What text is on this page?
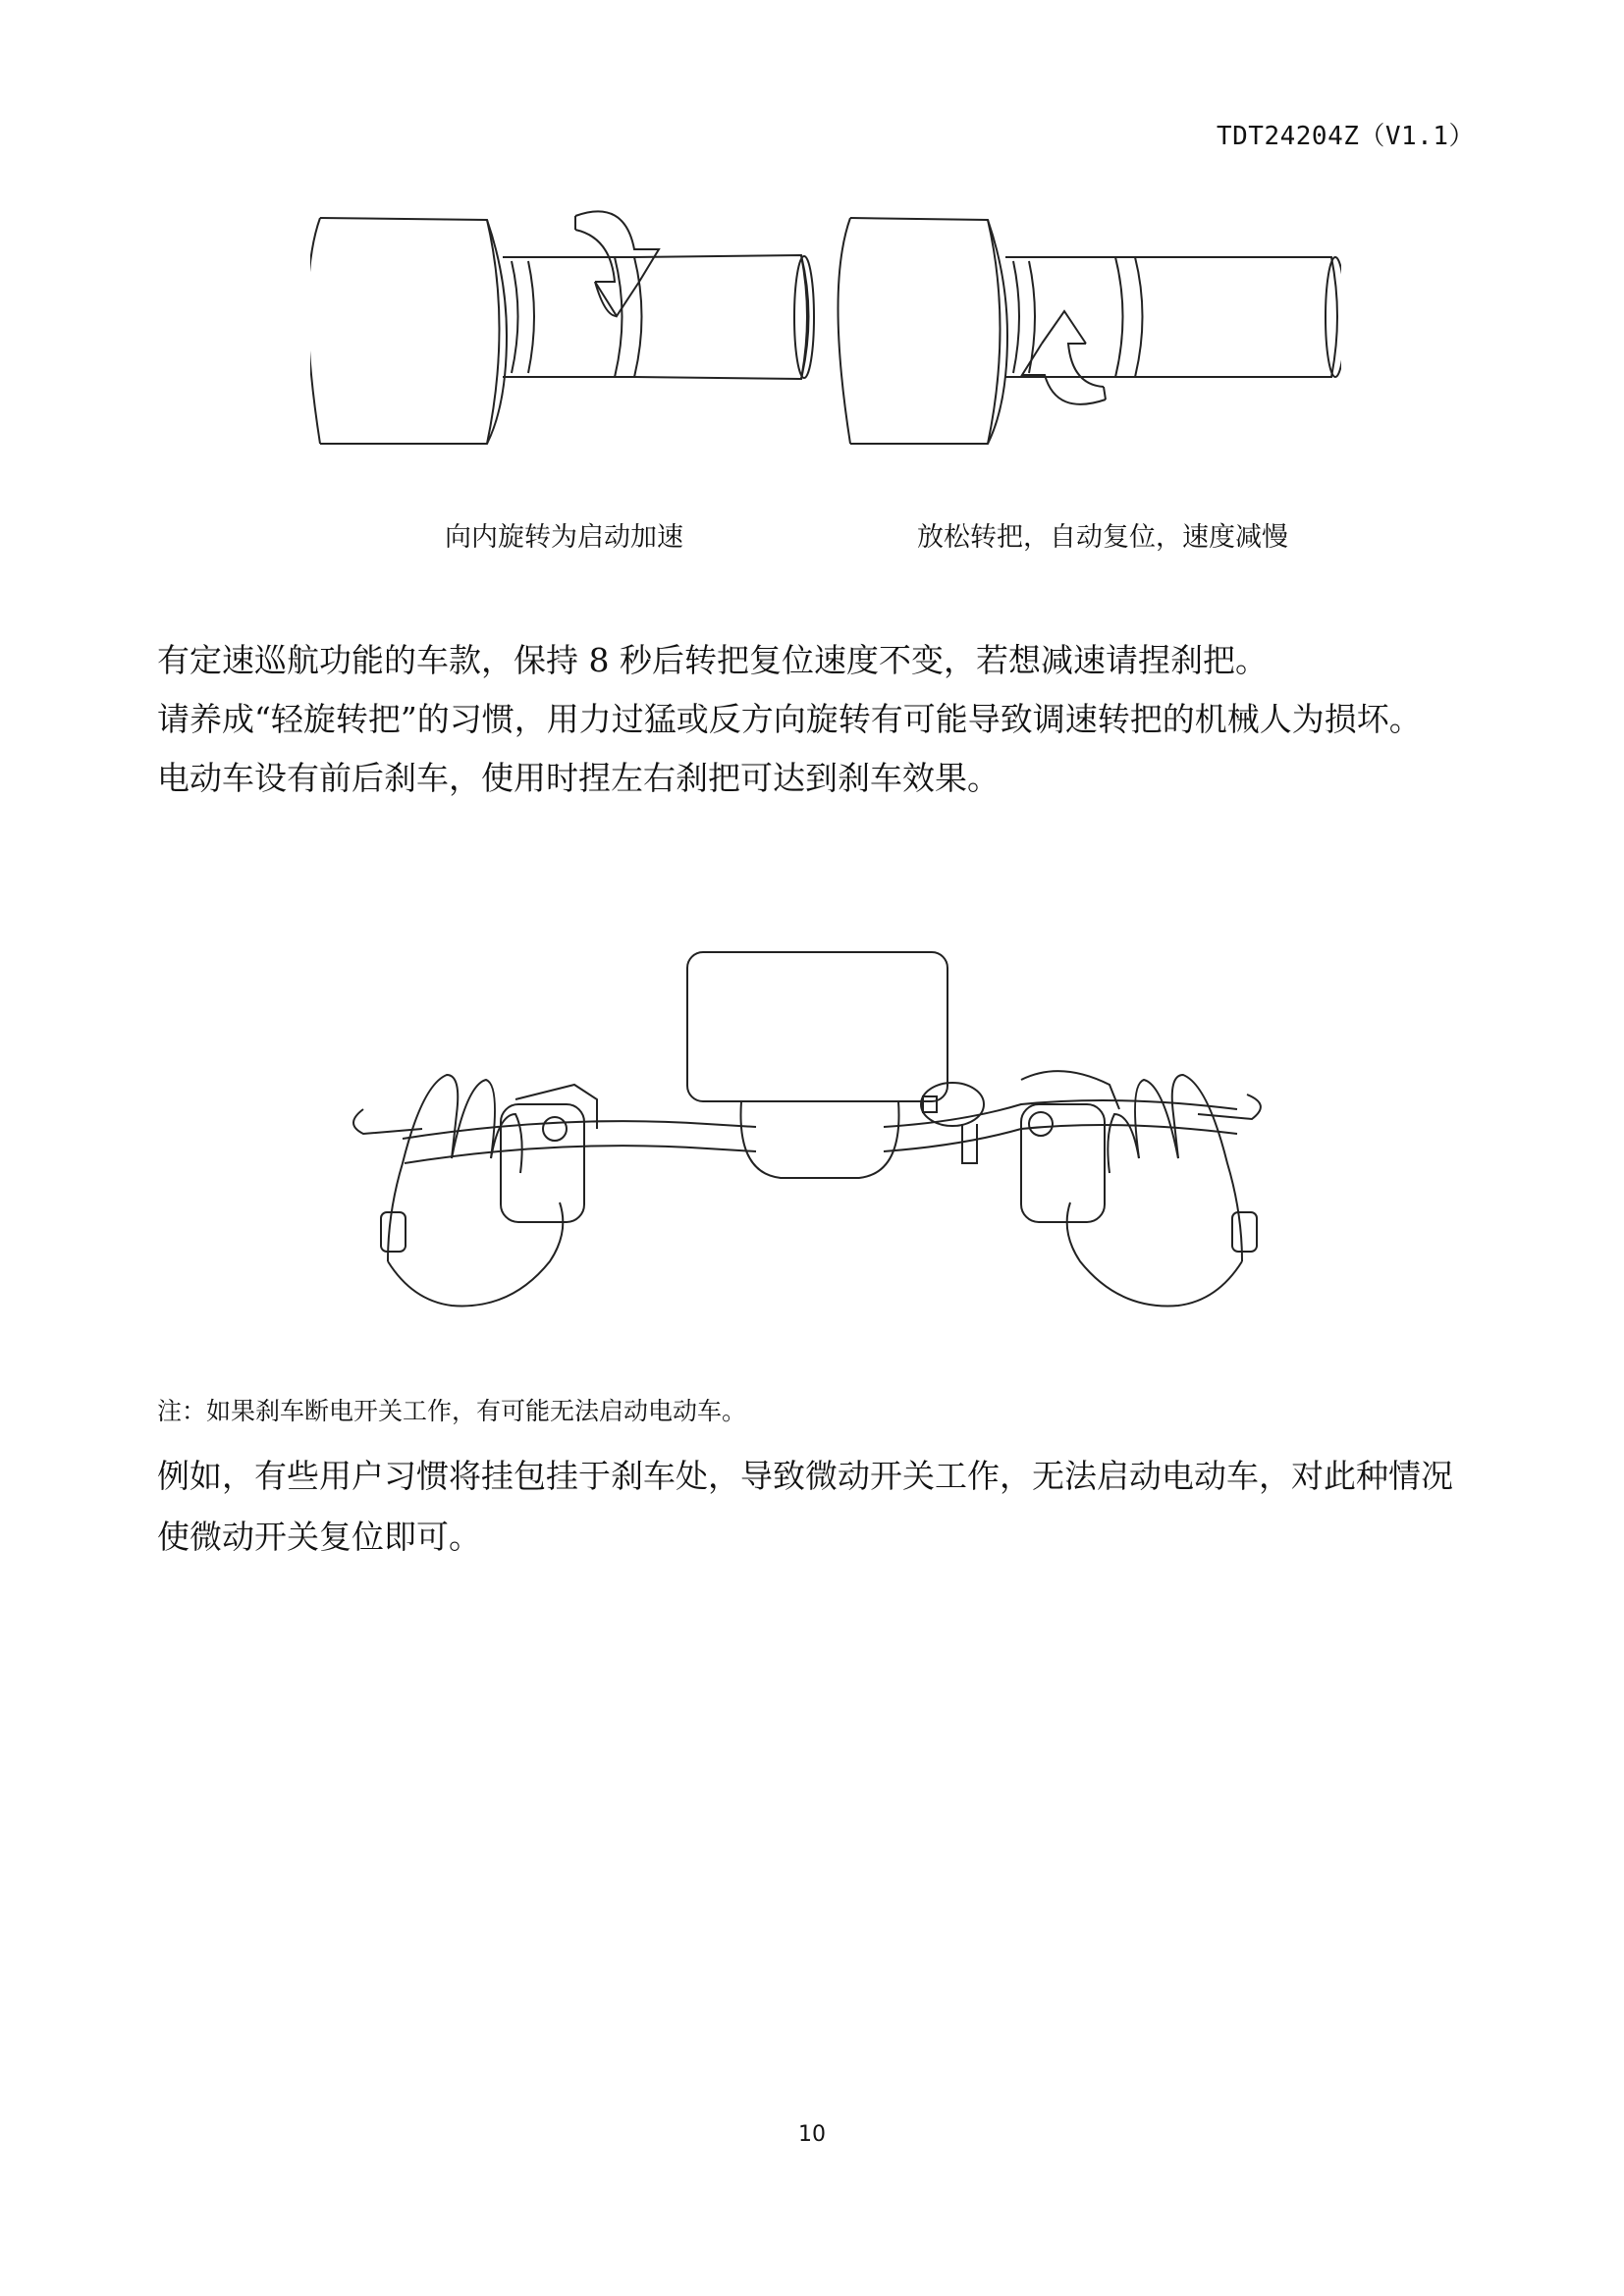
TDT24204Z（V1.1）
向内旋转为启动加速	放松转把，自动复位，速度减慢

有定速巡航功能的车款，保持 8 秒后转把复位速度不变，若想减速请捏刹把。

请养成“轻旋转把”的习惯，用力过猛或反方向旋转有可能导致调速转把的机械人为损坏。

电动车设有前后刹车，使用时捏左右刹把可达到刹车效果。

注：如果刹车断电开关工作，有可能无法启动电动车。

例如，有些用户习惯将挂包挂于刹车处，导致微动开关工作，无法启动电动车，对此种情况

使微动开关复位即可。

10
